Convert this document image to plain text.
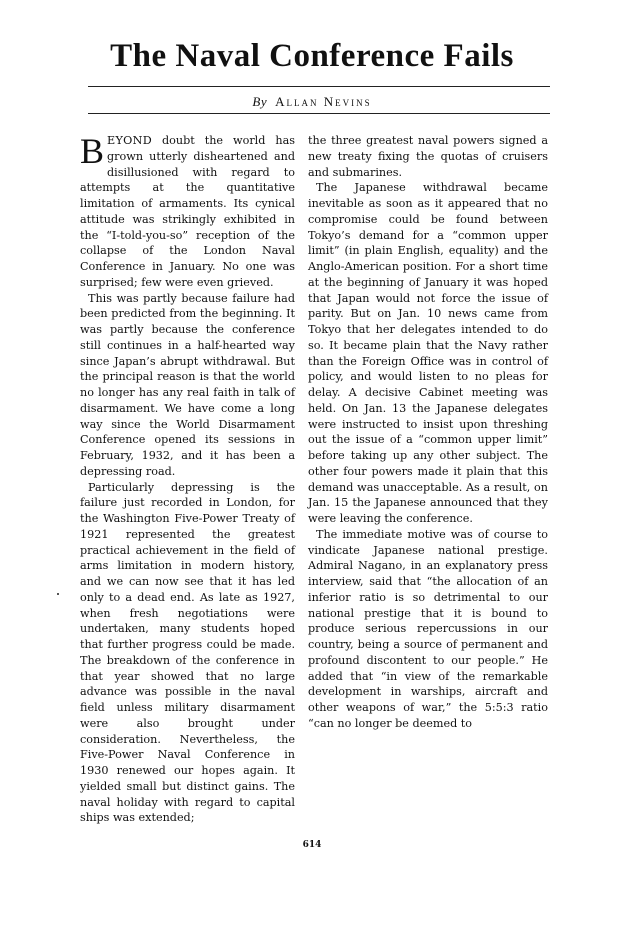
The Naval Conference Fails
By Allan Nevins

BEYOND doubt the world has grown utterly disheartened and disillusioned with regard to attempts at the quantitative limitation of armaments. Its cynical attitude was strikingly exhibited in the “I-told-you-so” reception of the collapse of the London Naval Conference in January. No one was surprised; few were even grieved.

This was partly because failure had been predicted from the beginning. It was partly because the conference still continues in a half-hearted way since Japan’s abrupt withdrawal. But the principal reason is that the world no longer has any real faith in talk of disarmament. We have come a long way since the World Disarmament Conference opened its sessions in February, 1932, and it has been a depressing road.

Particularly depressing is the failure just recorded in London, for the Washington Five-Power Treaty of 1921 represented the greatest practical achievement in the field of arms limitation in modern history, and we can now see that it has led only to a dead end. As late as 1927, when fresh negotiations were undertaken, many students hoped that further progress could be made. The breakdown of the conference in that year showed that no large advance was possible in the naval field unless military disarmament were also brought under consideration. Nevertheless, the Five-Power Naval Conference in 1930 renewed our hopes again. It yielded small but distinct gains. The naval holiday with regard to capital ships was extended;

the three greatest naval powers signed a new treaty fixing the quotas of cruisers and submarines.

The Japanese withdrawal became inevitable as soon as it appeared that no compromise could be found between Tokyo’s demand for a “common upper limit” (in plain English, equality) and the Anglo-American position. For a short time at the beginning of January it was hoped that Japan would not force the issue of parity. But on Jan. 10 news came from Tokyo that her delegates intended to do so. It became plain that the Navy rather than the Foreign Office was in control of policy, and would listen to no pleas for delay. A decisive Cabinet meeting was held. On Jan. 13 the Japanese delegates were instructed to insist upon threshing out the issue of a “common upper limit” before taking up any other subject. The other four powers made it plain that this demand was unacceptable. As a result, on Jan. 15 the Japanese announced that they were leaving the conference.

The immediate motive was of course to vindicate Japanese national prestige. Admiral Nagano, in an explanatory press interview, said that “the allocation of an inferior ratio is so detrimental to our national prestige that it is bound to produce serious repercussions in our country, being a source of permanent and profound discontent to our people.” He added that “in view of the remarkable development in warships, aircraft and other weapons of war,” the 5:5:3 ratio “can no longer be deemed to

614
